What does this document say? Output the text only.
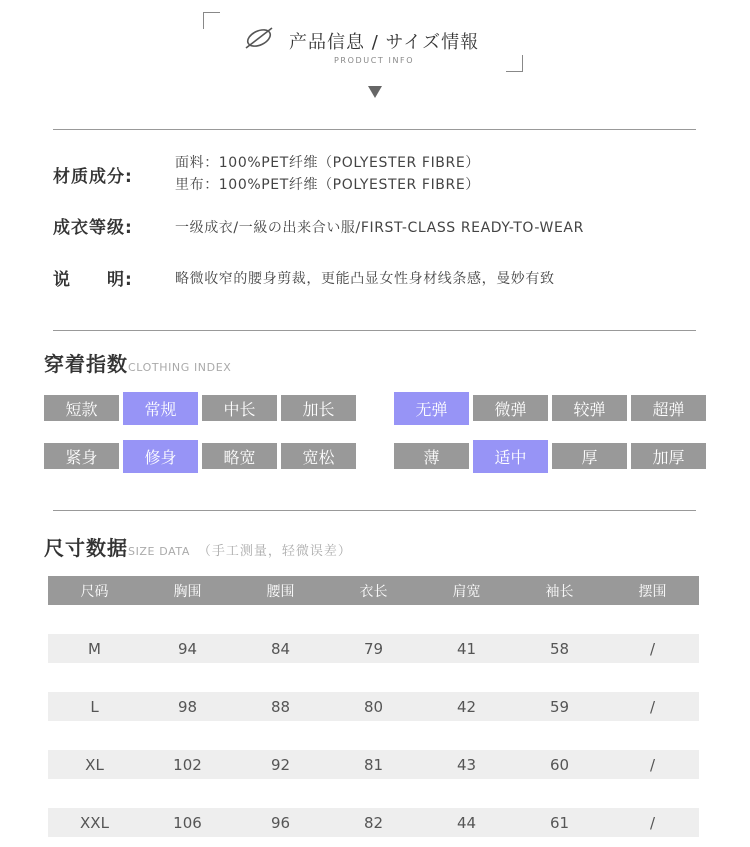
产品信息 / サイズ情報
PRODUCT INFO
材质成分:
面料：100%PET纤维（POLYESTER FIBRE）
里布：100%PET纤维（POLYESTER FIBRE）
成衣等级:	一级成衣/一級の出来合い服/FIRST-CLASS READY-TO-WEAR
说　　明:	略微收窄的腰身剪裁，更能凸显女性身材线条感，曼妙有致
穿着指数CLOTHING INDEX
短款	常规	中长	加长	无弹	微弹	较弹	超弹
紧身	修身	略宽	宽松	薄	适中	厚	加厚
尺寸数据SIZE DATA （手工测量，轻微误差）
尺码	胸围	腰围	衣长	肩宽	袖长	摆围
M	94	84	79	41	58	/
L	98	88	80	42	59	/
XL	102	92	81	43	60	/
XXL	106	96	82	44	61	/
